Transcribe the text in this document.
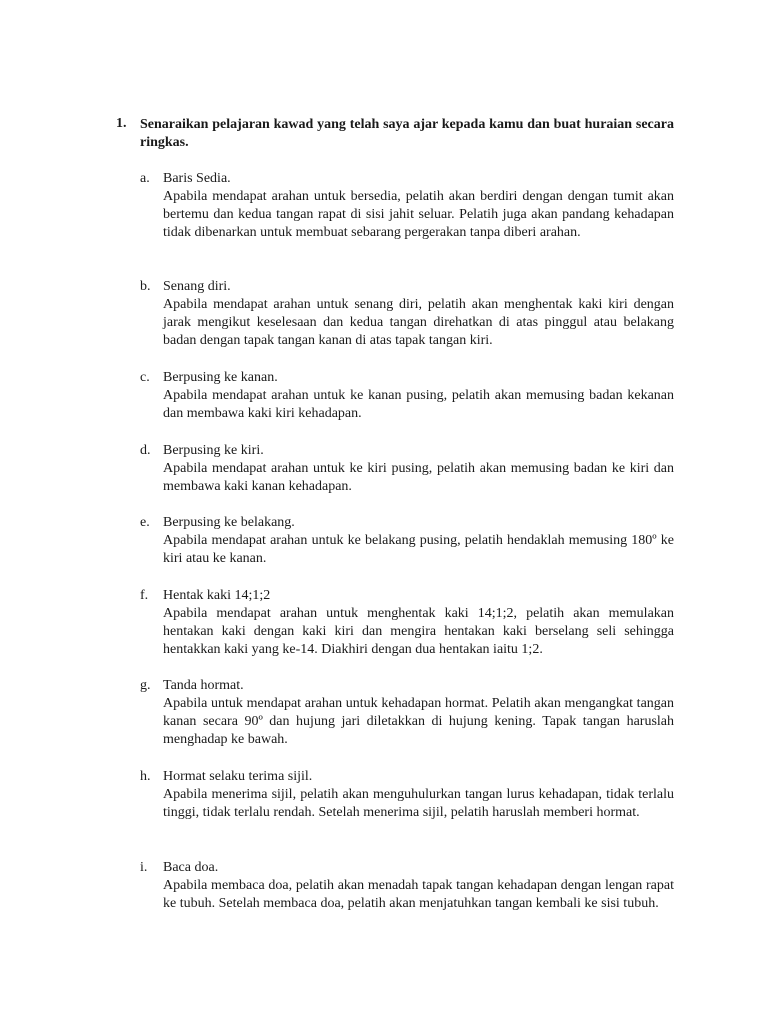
1. Senaraikan pelajaran kawad yang telah saya ajar kepada kamu dan buat huraian secara ringkas.
a. Baris Sedia.
Apabila mendapat arahan untuk bersedia, pelatih akan berdiri dengan dengan tumit akan bertemu dan kedua tangan rapat di sisi jahit seluar. Pelatih juga akan pandang kehadapan tidak dibenarkan untuk membuat sebarang pergerakan tanpa diberi arahan.
b. Senang diri.
Apabila mendapat arahan untuk senang diri, pelatih akan menghentak kaki kiri dengan jarak mengikut keselesaan dan kedua tangan direhatkan di atas pinggul atau belakang badan dengan tapak tangan kanan di atas tapak tangan kiri.
c. Berpusing ke kanan.
Apabila mendapat arahan untuk ke kanan pusing, pelatih akan memusing badan kekanan dan membawa kaki kiri kehadapan.
d. Berpusing ke kiri.
Apabila mendapat arahan untuk ke kiri pusing, pelatih akan memusing badan ke kiri dan membawa kaki kanan kehadapan.
e. Berpusing ke belakang.
Apabila mendapat arahan untuk ke belakang pusing, pelatih hendaklah memusing 180º ke kiri atau ke kanan.
f.	Hentak kaki 14;1;2
Apabila mendapat arahan untuk menghentak kaki 14;1;2, pelatih akan memulakan hentakan kaki dengan kaki kiri dan mengira hentakan kaki berselang seli sehingga hentakkan kaki yang ke-14. Diakhiri dengan dua hentakan iaitu 1;2.
g. Tanda hormat.
Apabila untuk mendapat arahan untuk kehadapan hormat. Pelatih akan mengangkat tangan kanan secara 90º dan hujung jari diletakkan di hujung kening. Tapak tangan haruslah menghadap ke bawah.
h. Hormat selaku terima sijil.
Apabila menerima sijil, pelatih akan menguhulurkan tangan lurus kehadapan, tidak terlalu tinggi, tidak terlalu rendah. Setelah menerima sijil, pelatih haruslah memberi hormat.
i.	Baca doa.
Apabila membaca doa, pelatih akan menadah tapak tangan kehadapan dengan lengan rapat ke tubuh. Setelah membaca doa, pelatih akan menjatuhkan tangan kembali ke sisi tubuh.
